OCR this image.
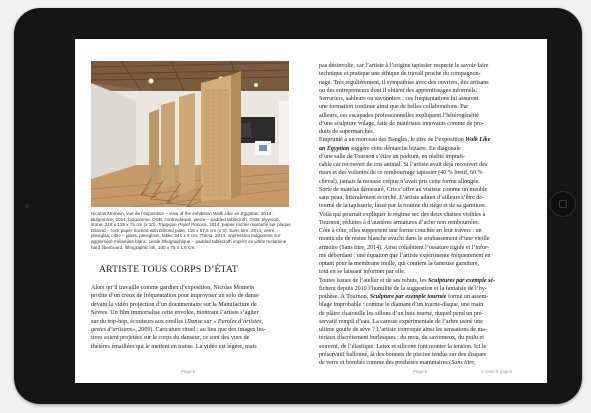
Nicolas Momein, vue de l’exposition – view of the exhibition Walk Like an Egyptian, 2014 : Bulgomme, 2014, bulgomme, OSB, contreplaqué, pierre – padded tablecloth, OSB, plywood, stone, 216 x 125 x 75 cm (x 10). Triptyque Papel Rocosa, 2014, papier rocher marouflé sur plaque Dibond – rock paper backed with Dibond plate, 116 x 87,5 cm (x 3). Sans titre, 2014, verre, plexiglas, cible – glass, plexiglass, table, 241 x 6 cm. Trama, 2014, impression bulgomme sur aggloméré mélaminé blanc, cerde lithographique – padded tablecloth imprint on white melamine hard fiberboard, lithographic ink, 100 x 78 x 1,6 cm.
ARTISTE TOUS CORPS D’ÉTAT
Alors qu’il travaille comme gardien d’exposition, Nicolas Momein
profite d’un creux de fréquentation pour improviser un solo de danse
devant la vidéo projection d’un documentaire sur la Manufacture de
Sèvres. Un film immortalise cette envolée, montrant l’artiste s’agiter
sur du trip-hop, écouteurs aux oreilles (Danse sur « Paroles d’artistes,
gestes d’artisans», 2009). Caricature rituel : au lieu que des images fes-
tives soient projetées sur le corps du danseur, ce sont des vues de
théières émaillées qui le mettent en transe. La vidéo est légère, mais
Page 5
pas désinvolte, car l’artiste à l’origine tapissier respecte le savoir-faire
technique et pratique une éthique de travail proche du compagnon-
nage. Très régulièrement, il sympathise avec des ouvriers, des artisans
ou des entrepreneurs dont il obtient des apprentissages informels.
Serruriers, sableurs ou savonniers : ces fréquentations lui assurent
une formation continue ainsi que de belles collaborations. Par
ailleurs, ces escapades professionnelles expliquent l’hétérogénéité
d’une sculpture volage, faite de matériaux innovants comme de pro-
duits de supermarchés.
Emprunté à un morceau des Bangles, le titre de l’exposition Walk Like
an Egyptian suggère cette démarche bizarre. En diagonale
d’une salle de Tournon s’étire un podium, en réalité imprati-
cable car recouvert de cris animal. Si l’artiste avait déjà recouvert des
murs et des volumes de ce rembourrage tapissier (40 % breuf, 60 %
cheval), jamais la mousse crépue n’avait pris cette forme allongée.
Sorte de matelas démesuré, Cris s’offre au visiteur comme un meuble
sans peau, littéralement écorché. L’artiste admet d’ailleurs s’être dé-
tourné de la tapisserie, lassé par la routine du siège et de sa garniture.
Voilà qui pourrait expliquer le régime sec des deux chaises visibles à
Tournon, réduites à d’austères armatures d’acier non rembourrées.
Côte à côte, elles supportent une forme couchée en leur travers : un
monticule de résine blanche avachi dans le soubassement d’une vieille
armoire (Sans titre, 2014). Ainsi cohabitent l’ossature rigide et l’infor-
me débordant : une équation que l’artiste expérimente fréquemment en
optant pour la membrane molle, qui contient la fameuse garniture,
tout en se laissant informer par elle.
Toutes issues de l’atelier et de ses rebuts, les Sculptures par exemple sé-
fichent depuis 2010 l’humilité de la suggestion et la fantaisie de l’hy-
pothèse. À Tournon, Sculpture par exemple tournée forme un assem-
blage improbable : comme le diamant d’un tourne-disque, une main
de plâtre chatouille les sillons d’un bois tourné, duquel pend un pré-
servatif rempli d’eau. La caresse expérimentale de l’arbre usiné une
ultime goutte de sève ? L’artiste convoque ainsi les sensations de ma-
tériaux discrètement burlesques : du mou, du savonneux, du poilu et
souvent, de l’élastique. Latex et silicone font monter la tension. Ici le
préservatif ballonné, là des bonnets de piscine tendus sur des disques
de verre et bombés comme des prothèses mammaires (Sans titre,
Page 6	8 reste 8 pages
